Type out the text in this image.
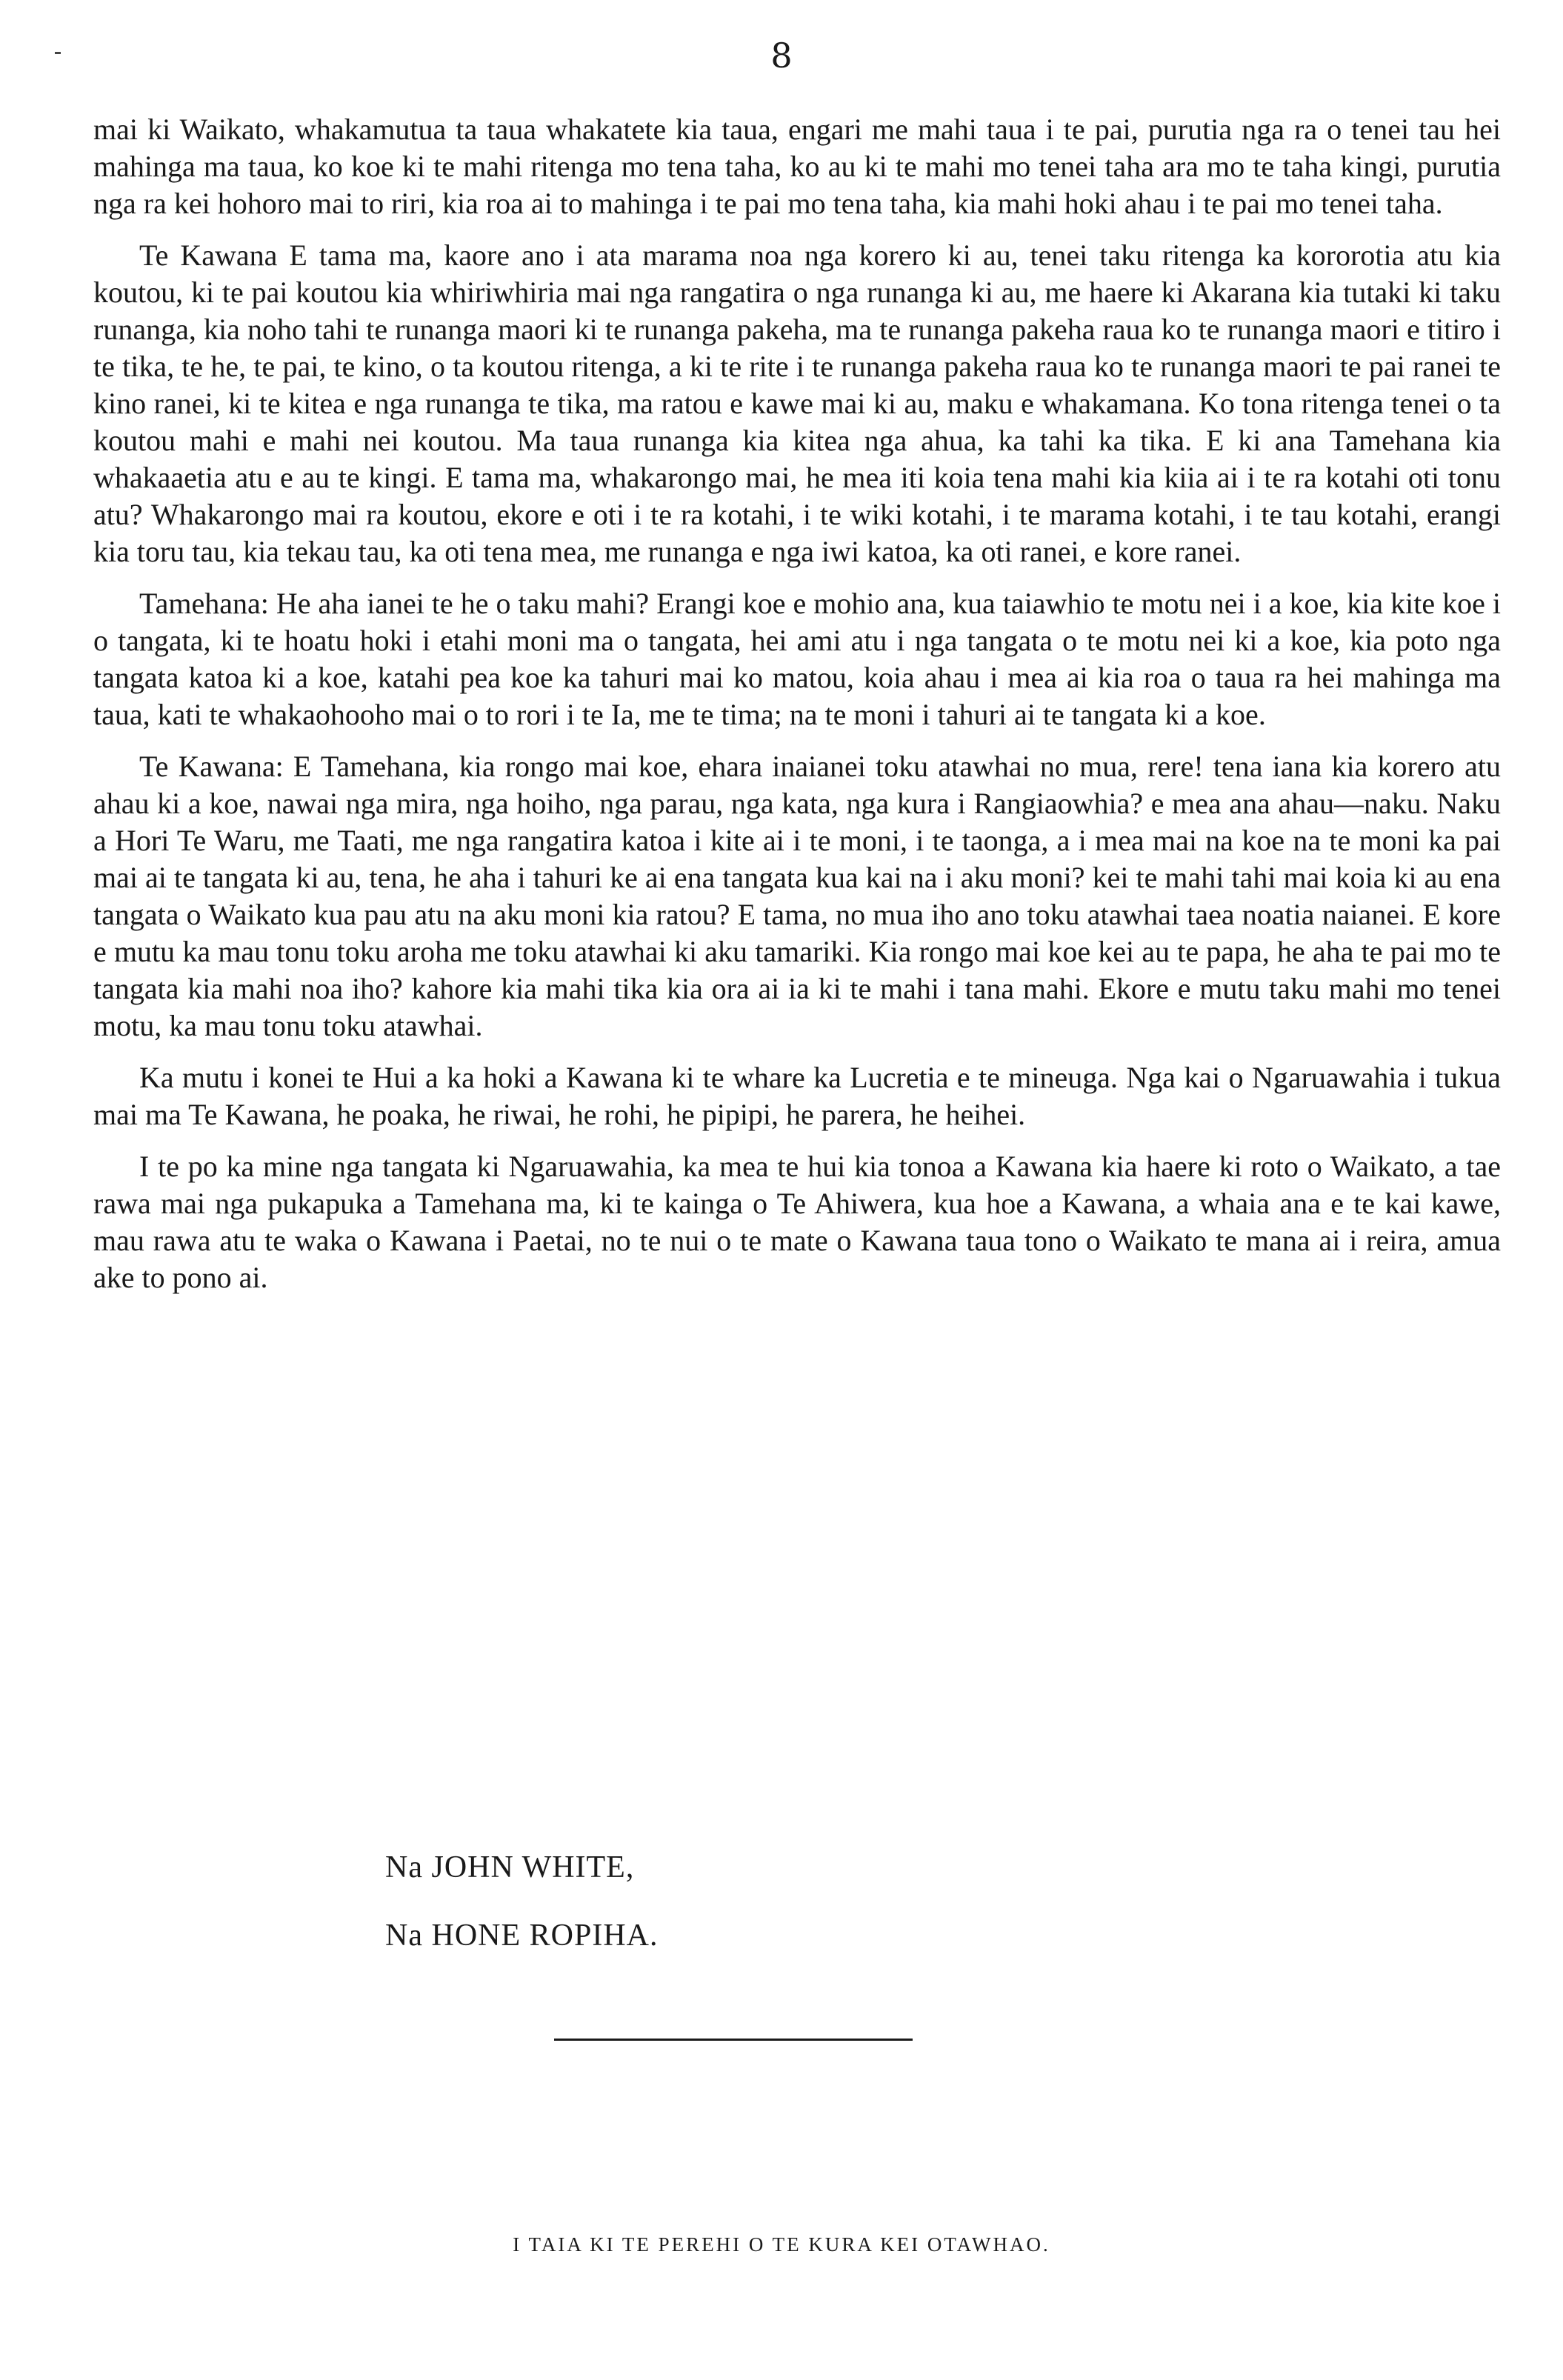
8

mai ki Waikato, whakamutua ta taua whakatete kia taua, engari me mahi taua i te pai, purutia nga ra o tenei tau hei mahinga ma taua, ko koe ki te mahi ritenga mo tena taha, ko au ki te mahi mo tenei taha ara mo te taha kingi, purutia nga ra kei hohoro mai to riri, kia roa ai to mahinga i te pai mo tena taha, kia mahi hoki ahau i te pai mo tenei taha.

Te Kawana E tama ma, kaore ano i ata marama noa nga korero ki au, tenei taku ritenga ka kororotia atu kia koutou, ki te pai koutou kia whiriwhiria mai nga rangatira o nga runanga ki au, me haere ki Akarana kia tutaki ki taku runanga, kia noho tahi te runanga maori ki te runanga pakeha, ma te runanga pakeha raua ko te runanga maori e titiro i te tika, te he, te pai, te kino, o ta koutou ritenga, a ki te rite i te runanga pakeha raua ko te runanga maori te pai ranei te kino ranei, ki te kitea e nga runanga te tika, ma ratou e kawe mai ki au, maku e whakamana. Ko tona ritenga tenei o ta koutou mahi e mahi nei koutou. Ma taua runanga kia kitea nga ahua, ka tahi ka tika. E ki ana Tamehana kia whakaaetia atu e au te kingi. E tama ma, whakarongo mai, he mea iti koia tena mahi kia kiia ai i te ra kotahi oti tonu atu? Whakarongo mai ra koutou, ekore e oti i te ra kotahi, i te wiki kotahi, i te marama kotahi, i te tau kotahi, erangi kia toru tau, kia tekau tau, ka oti tena mea, me runanga e nga iwi katoa, ka oti ranei, e kore ranei.

Tamehana: He aha ianei te he o taku mahi? Erangi koe e mohio ana, kua taiawhio te motu nei i a koe, kia kite koe i o tangata, ki te hoatu hoki i etahi moni ma o tangata, hei ami atu i nga tangata o te motu nei ki a koe, kia poto nga tangata katoa ki a koe, katahi pea koe ka tahuri mai ko matou, koia ahau i mea ai kia roa o taua ra hei mahinga ma taua, kati te whakaohooho mai o to rori i te Ia, me te tima; na te moni i tahuri ai te tangata ki a koe.

Te Kawana: E Tamehana, kia rongo mai koe, ehara inaianei toku atawhai no mua, rere! tena iana kia korero atu ahau ki a koe, nawai nga mira, nga hoiho, nga parau, nga kata, nga kura i Rangiaowhia? e mea ana ahau—naku. Naku a Hori Te Waru, me Taati, me nga rangatira katoa i kite ai i te moni, i te taonga, a i mea mai na koe na te moni ka pai mai ai te tangata ki au, tena, he aha i tahuri ke ai ena tangata kua kai na i aku moni? kei te mahi tahi mai koia ki au ena tangata o Waikato kua pau atu na aku moni kia ratou? E tama, no mua iho ano toku atawhai taea noatia naianei. E kore e mutu ka mau tonu toku aroha me toku atawhai ki aku tamariki. Kia rongo mai koe kei au te papa, he aha te pai mo te tangata kia mahi noa iho? kahore kia mahi tika kia ora ai ia ki te mahi i tana mahi. Ekore e mutu taku mahi mo tenei motu, ka mau tonu toku atawhai.

Ka mutu i konei te Hui a ka hoki a Kawana ki te whare ka Lucretia e te mineuga. Nga kai o Ngaruawahia i tukua mai ma Te Kawana, he poaka, he riwai, he rohi, he pipipi, he parera, he heihei.

I te po ka mine nga tangata ki Ngaruawahia, ka mea te hui kia tonoa a Kawana kia haere ki roto o Waikato, a tae rawa mai nga pukapuka a Tamehana ma, ki te kainga o Te Ahiwera, kua hoe a Kawana, a whaia ana e te kai kawe, mau rawa atu te waka o Kawana i Paetai, no te nui o te mate o Kawana taua tono o Waikato te mana ai i reira, amua ake to pono ai.

Na JOHN WHITE,
Na HONE ROPIHA.
I TAIA KI TE PEREHI O TE KURA KEI OTAWHAO.
